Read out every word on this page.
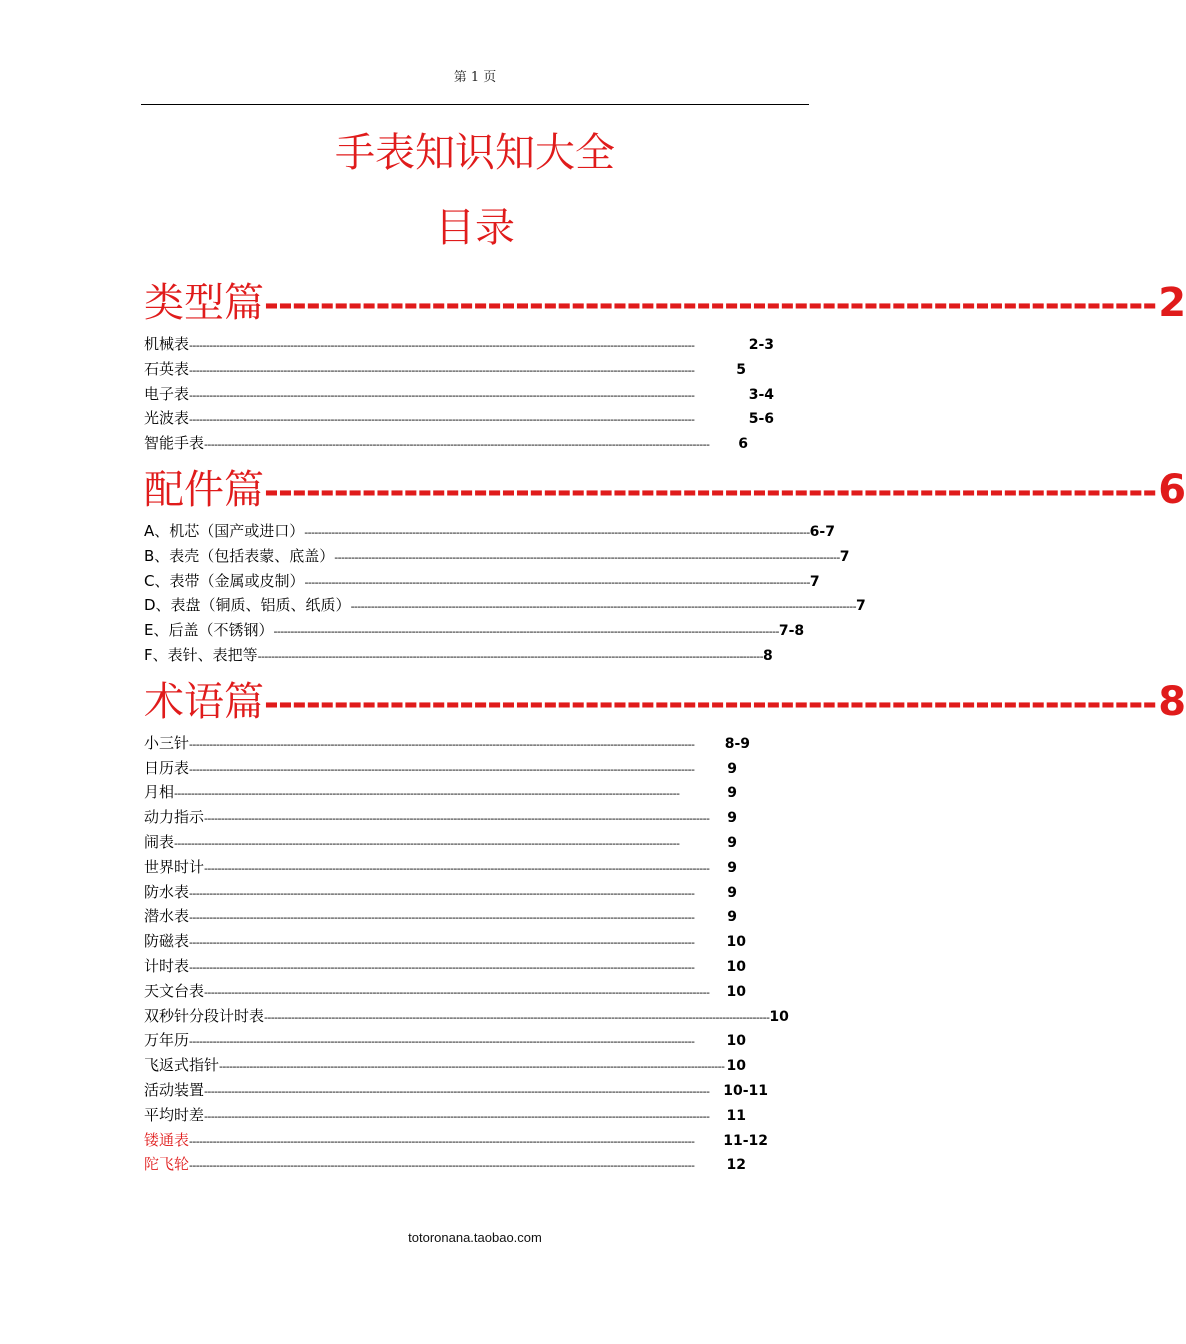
第 1 页
手表知识知大全
目录
类型篇 ---------------------------------------------------------------- 2
机械表 ------------------------------------------------------------------------------------------------------------------------------------------------------	2-3
石英表 ------------------------------------------------------------------------------------------------------------------------------------------------------	5
电子表 ------------------------------------------------------------------------------------------------------------------------------------------------------	3-4
光波表 ------------------------------------------------------------------------------------------------------------------------------------------------------	5-6
智能手表 ------------------------------------------------------------------------------------------------------------------------------------------------------	6
配件篇 ---------------------------------------------------------------- 6
A、机芯（国产或进口） ------------------------------------------------------------------------------------------------------------------------------------------------------ 6-7
B、表壳（包括表蒙、底盖） ------------------------------------------------------------------------------------------------------------------------------------------------------ 7
C、表带（金属或皮制） ------------------------------------------------------------------------------------------------------------------------------------------------------ 7
D、表盘（铜质、铝质、纸质） ------------------------------------------------------------------------------------------------------------------------------------------------------ 7
E、后盖（不锈钢） ------------------------------------------------------------------------------------------------------------------------------------------------------ 7-8
F、表针、表把等 ------------------------------------------------------------------------------------------------------------------------------------------------------ 8
术语篇 ---------------------------------------------------------------- 8
小三针 ------------------------------------------------------------------------------------------------------------------------------------------------------	8-9
日历表 ------------------------------------------------------------------------------------------------------------------------------------------------------	9
月相 ------------------------------------------------------------------------------------------------------------------------------------------------------	9
动力指示 ------------------------------------------------------------------------------------------------------------------------------------------------------	9
闹表 ------------------------------------------------------------------------------------------------------------------------------------------------------	9
世界时计 ------------------------------------------------------------------------------------------------------------------------------------------------------	9
防水表 ------------------------------------------------------------------------------------------------------------------------------------------------------	9
潜水表 ------------------------------------------------------------------------------------------------------------------------------------------------------	9
防磁表 ------------------------------------------------------------------------------------------------------------------------------------------------------	10
计时表 ------------------------------------------------------------------------------------------------------------------------------------------------------	10
天文台表 ------------------------------------------------------------------------------------------------------------------------------------------------------	10
双秒针分段计时表 ------------------------------------------------------------------------------------------------------------------------------------------------------ 10
万年历 ------------------------------------------------------------------------------------------------------------------------------------------------------	10
飞返式指针 ------------------------------------------------------------------------------------------------------------------------------------------------------ 10
活动装置 ------------------------------------------------------------------------------------------------------------------------------------------------------ 10-11
平均时差 ------------------------------------------------------------------------------------------------------------------------------------------------------	11
镂通表 ------------------------------------------------------------------------------------------------------------------------------------------------------	11-12
陀飞轮 ------------------------------------------------------------------------------------------------------------------------------------------------------	12
totoronana.taobao.com
